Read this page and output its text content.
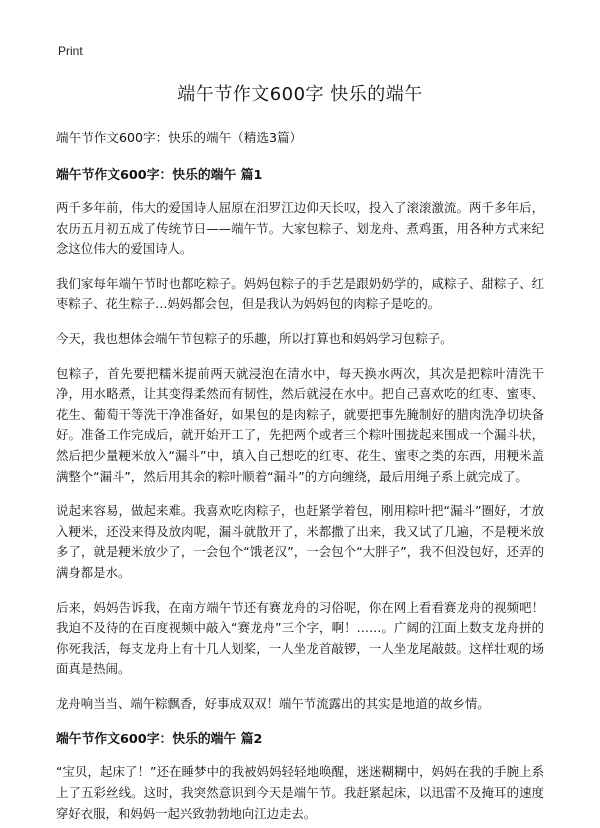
Print
端午节作文600字 快乐的端午

端午节作文600字：快乐的端午（精选3篇）

端午节作文600字：快乐的端午 篇1

两千多年前，伟大的爱国诗人屈原在汨罗江边仰天长叹，投入了滚滚激流。两千多年后，农历五月初五成了传统节日——端午节。大家包粽子、划龙舟、煮鸡蛋，用各种方式来纪念这位伟大的爱国诗人。

我们家每年端午节时也都吃粽子。妈妈包粽子的手艺是跟奶奶学的，咸粽子、甜粽子、红枣粽子、花生粽子…妈妈都会包，但是我认为妈妈包的肉粽子是吃的。

今天，我也想体会端午节包粽子的乐趣，所以打算也和妈妈学习包粽子。

包粽子，首先要把糯米提前两天就浸泡在清水中，每天换水两次，其次是把粽叶清洗干净，用水略煮，让其变得柔然而有韧性，然后就浸在水中。把自己喜欢吃的红枣、蜜枣、花生、葡萄干等洗干净准备好，如果包的是肉粽子，就要把事先腌制好的腊肉洗净切块备好。准备工作完成后，就开始开工了，先把两个或者三个粽叶围拢起来围成一个漏斗状，然后把少量粳米放入“漏斗”中，填入自己想吃的红枣、花生、蜜枣之类的东西，用粳米盖满整个“漏斗”，然后用其余的粽叶顺着“漏斗”的方向缠绕，最后用绳子系上就完成了。

说起来容易，做起来难。我喜欢吃肉粽子，也赶紧学着包，刚用粽叶把“漏斗”圈好，才放入粳米，还没来得及放肉呢，漏斗就散开了，米都撒了出来，我又试了几遍，不是粳米放多了，就是粳米放少了，一会包个“饿老汉”，一会包个“大胖子”，我不但没包好，还弄的满身都是水。

后来，妈妈告诉我，在南方端午节还有赛龙舟的习俗呢，你在网上看看赛龙舟的视频吧！我迫不及待的在百度视频中敲入“赛龙舟”三个字，啊！……。广阔的江面上数支龙舟拼的你死我活，每支龙舟上有十几人划桨，一人坐龙首敲锣，一人坐龙尾敲鼓。这样壮观的场面真是热闹。

龙舟响当当、端午粽飘香，好事成双双！端午节流露出的其实是地道的故乡情。

端午节作文600字：快乐的端午 篇2

“宝贝，起床了！”还在睡梦中的我被妈妈轻轻地唤醒，迷迷糊糊中，妈妈在我的手腕上系上了五彩丝线。这时，我突然意识到今天是端午节。我赶紧起床，以迅雷不及掩耳的速度穿好衣服，和妈妈一起兴致勃勃地向江边走去。
